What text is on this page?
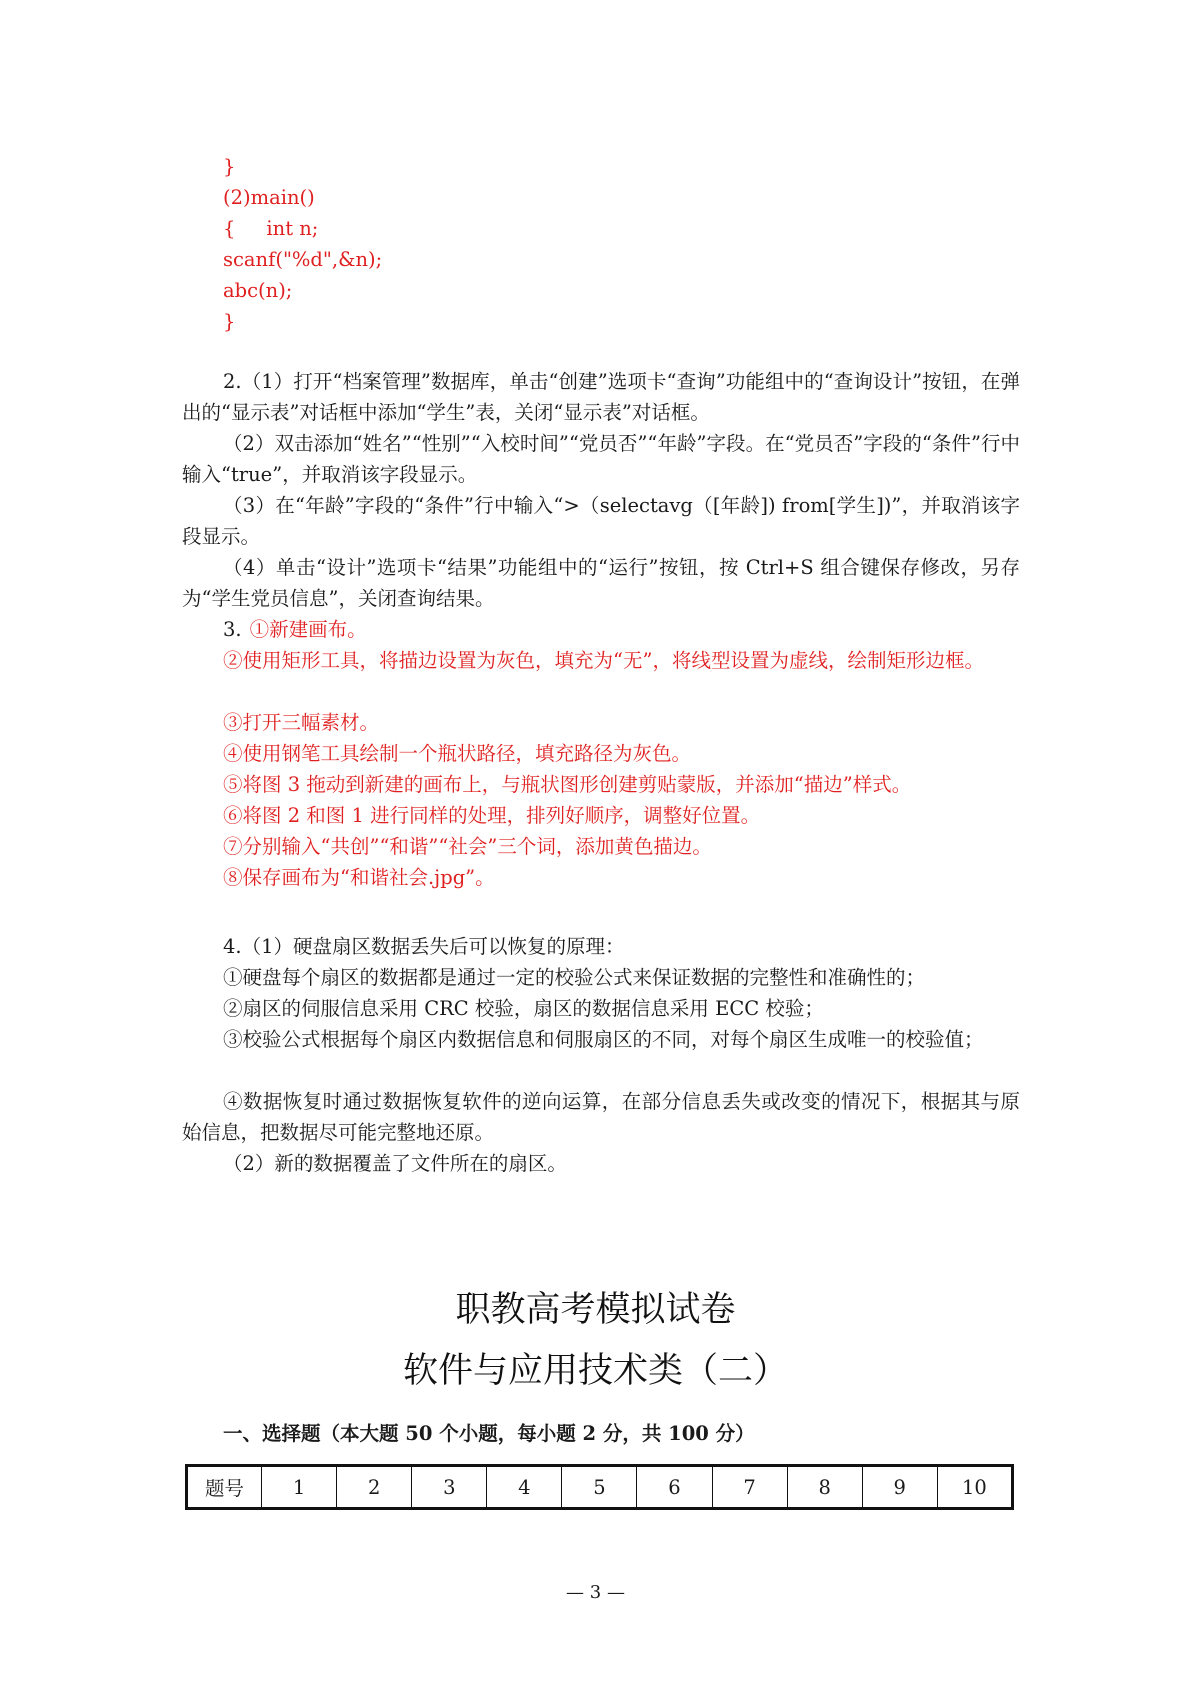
}
(2)main()
{     int n;
scanf("%d",&n);
abc(n);
}
2.（1）打开“档案管理”数据库，单击“创建”选项卡“查询”功能组中的“查询设计”按钮，在弹出的“显示表”对话框中添加“学生”表，关闭“显示表”对话框。
（2）双击添加“姓名”“性别”“入校时间”“党员否”“年龄”字段。在“党员否”字段的“条件”行中输入“true”，并取消该字段显示。
（3）在“年龄”字段的“条件”行中输入“>（selectavg（[年龄]) from[学生])”，并取消该字段显示。
（4）单击“设计”选项卡“结果”功能组中的“运行”按钮，按 Ctrl+S 组合键保存修改，另存为“学生党员信息”，关闭查询结果。
3. ①新建画布。
②使用矩形工具，将描边设置为灰色，填充为“无”，将线型设置为虚线，绘制矩形边框。
③打开三幅素材。
④使用钢笔工具绘制一个瓶状路径，填充路径为灰色。
⑤将图 3 拖动到新建的画布上，与瓶状图形创建剪贴蒙版，并添加“描边”样式。
⑥将图 2 和图 1 进行同样的处理，排列好顺序，调整好位置。
⑦分别输入“共创”“和谐”“社会”三个词，添加黄色描边。
⑧保存画布为“和谐社会.jpg”。
4.（1）硬盘扇区数据丢失后可以恢复的原理：
①硬盘每个扇区的数据都是通过一定的校验公式来保证数据的完整性和准确性的；
②扇区的伺服信息采用 CRC 校验，扇区的数据信息采用 ECC 校验；
③校验公式根据每个扇区内数据信息和伺服扇区的不同，对每个扇区生成唯一的校验值；
④数据恢复时通过数据恢复软件的逆向运算，在部分信息丢失或改变的情况下，根据其与原始信息，把数据尽可能完整地还原。
（2）新的数据覆盖了文件所在的扇区。
职教高考模拟试卷
软件与应用技术类（二）
一、选择题（本大题 50 个小题，每小题 2 分，共 100 分）
题号	1	2	3	4	5	6	7	8	9	10
— 3 —
